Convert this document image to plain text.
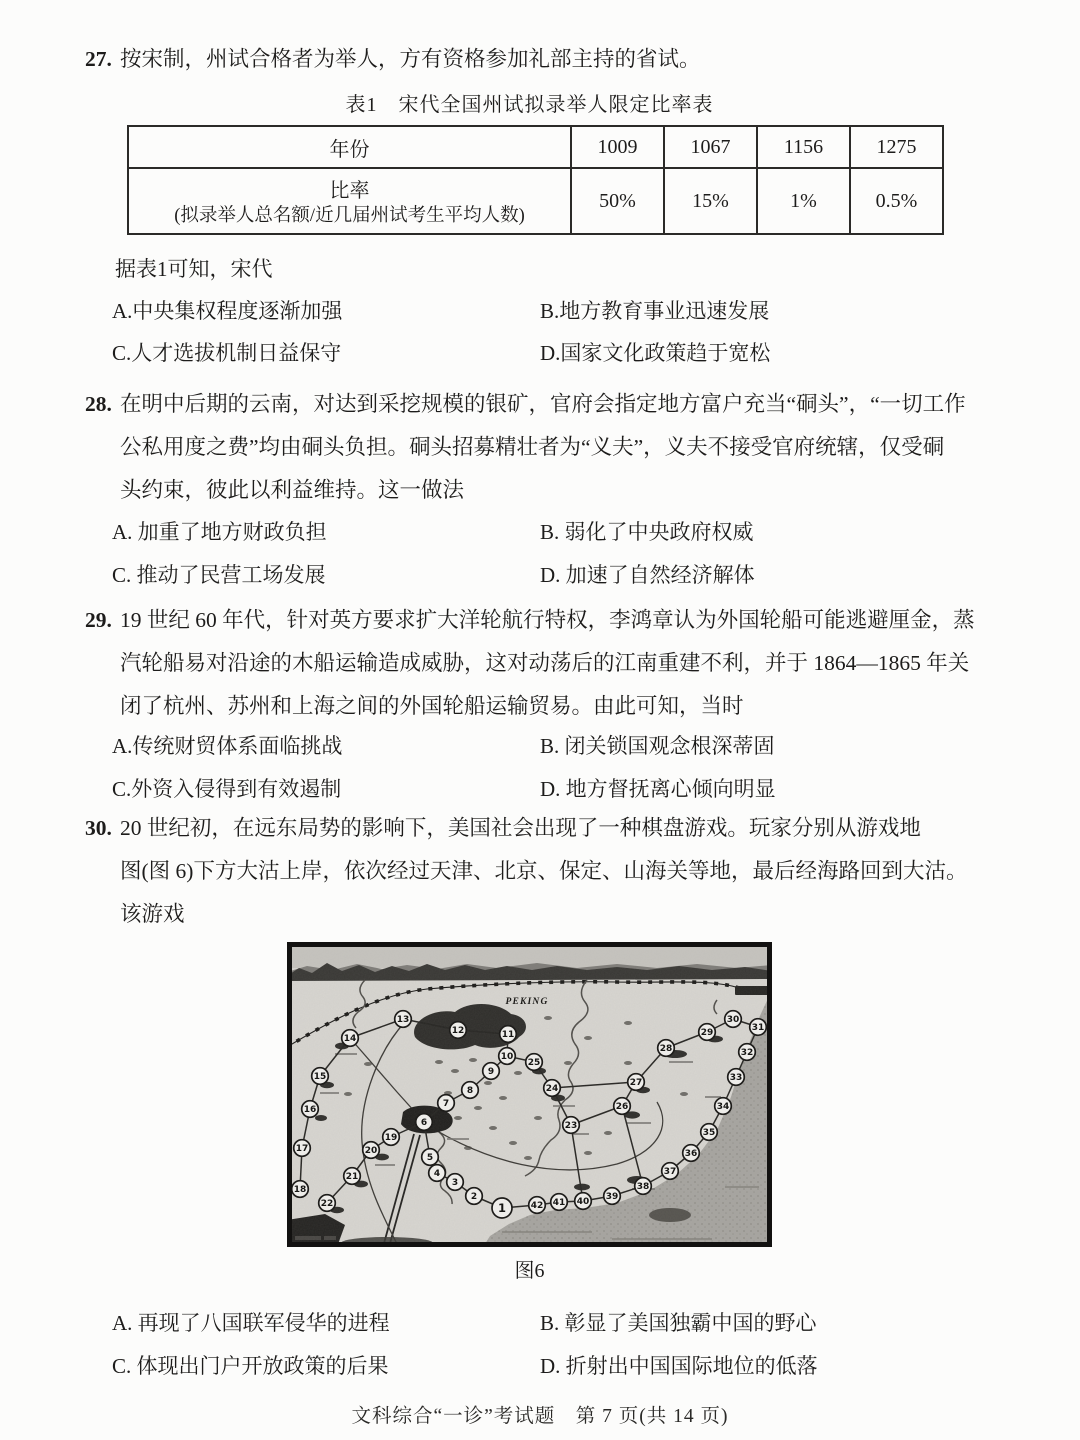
27. 按宋制，州试合格者为举人，方有资格参加礼部主持的省试。
表1　宋代全国州试拟录举人限定比率表
年份	1009	1067	1156	1275

比率
(拟录举人总名额/近几届州试考生平均人数)	50%	15%	1%	0.5%
据表1可知，宋代
A.中央集权程度逐渐加强	B.地方教育事业迅速发展
C.人才选拔机制日益保守	D.国家文化政策趋于宽松
28. 在明中后期的云南，对达到采挖规模的银矿，官府会指定地方富户充当“硐头”，“一切工作
公私用度之费”均由硐头负担。硐头招募精壮者为“义夫”，义夫不接受官府统辖，仅受硐
头约束，彼此以利益维持。这一做法
A. 加重了地方财政负担	B. 弱化了中央政府权威
C. 推动了民营工场发展	D. 加速了自然经济解体
29. 19 世纪 60 年代，针对英方要求扩大洋轮航行特权，李鸿章认为外国轮船可能逃避厘金，蒸
汽轮船易对沿途的木船运输造成威胁，这对动荡后的江南重建不利，并于 1864—1865 年关
闭了杭州、苏州和上海之间的外国轮船运输贸易。由此可知，当时
A.传统财贸体系面临挑战	B. 闭关锁国观念根深蒂固
C.外资入侵得到有效遏制	D. 地方督抚离心倾向明显
30. 20 世纪初，在远东局势的影响下，美国社会出现了一种棋盘游戏。玩家分别从游戏地
图(图 6)下方大沽上岸，依次经过天津、北京、保定、山海关等地，最后经海路回到大沽。
该游戏
PEKING
1
2
3
4
5
6
7
8
9
10
11
12
13
14
15
16
17
18
19
20
21
22
23
24
25
26
27
28
29
30
31
32
33
34
35
36
37
38
39
40
41
42
图6
A. 再现了八国联军侵华的进程	B. 彰显了美国独霸中国的野心
C. 体现出门户开放政策的后果	D. 折射出中国国际地位的低落
文科综合“一诊”考试题　第 7 页(共 14 页)
